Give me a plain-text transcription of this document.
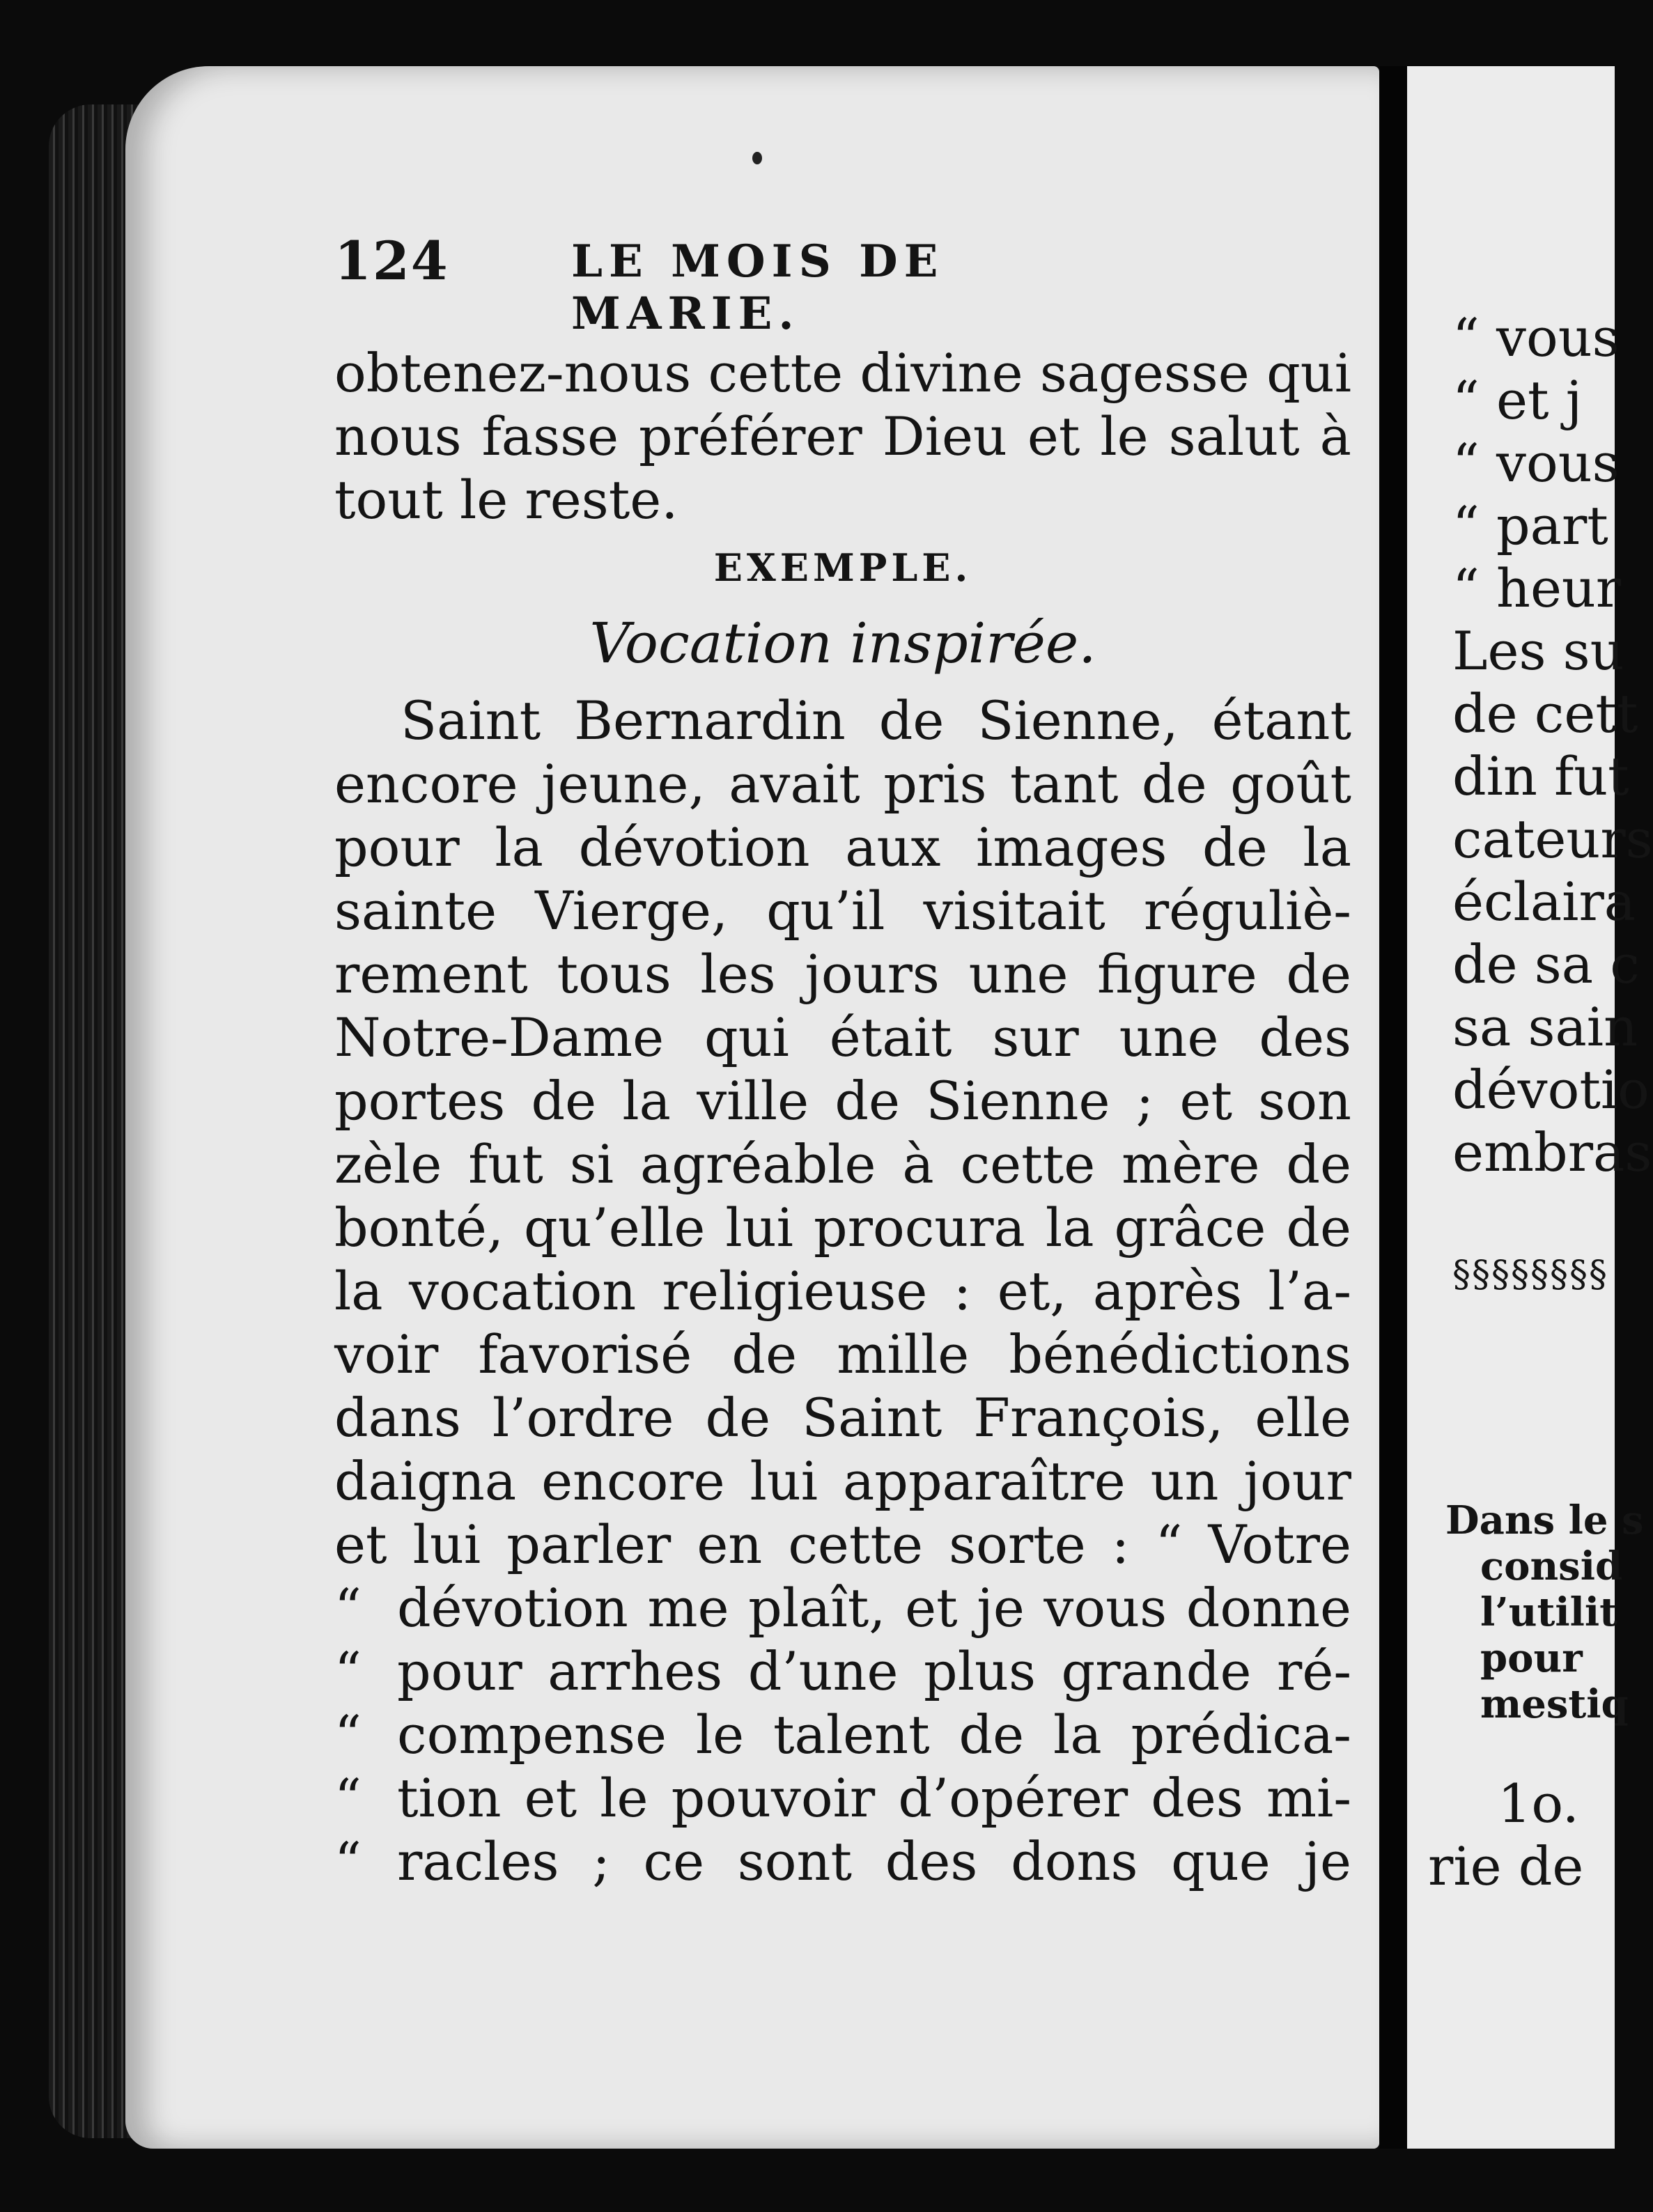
124	LE MOIS DE MARIE.
obtenez-nous cette divine sagesse qui
nous fasse préférer Dieu et le salut à
tout le reste.
EXEMPLE.
Vocation inspirée.
Saint Bernardin de Sienne, étant
encore jeune, avait pris tant de goût
pour la dévotion aux images de la
sainte Vierge, qu’il visitait réguliè-
rement tous les jours une figure de
Notre-Dame qui était sur une des
portes de la ville de Sienne ; et son
zèle fut si agréable à cette mère de
bonté, qu’elle lui procura la grâce de
la vocation religieuse : et, après l’a-
voir favorisé de mille bénédictions
dans l’ordre de Saint François, elle
daigna encore lui apparaître un jour
et lui parler en cette sorte : “ Votre
“ dévotion me plaît, et je vous donne
“ pour arrhes d’une plus grande ré-
“ compense le talent de la prédica-
“ tion et le pouvoir d’opérer des mi-
“ racles ; ce sont des dons que je
“ vous
“ et j
“ vous
“ part
“ heur
Les su
de cett
din fut
cateurs
éclaira
de sa c
sa sain
dévotio
embras
§§§§§§§§
Dans le s
consid
l’utilit
pour
mestiq
1o.
rie de
